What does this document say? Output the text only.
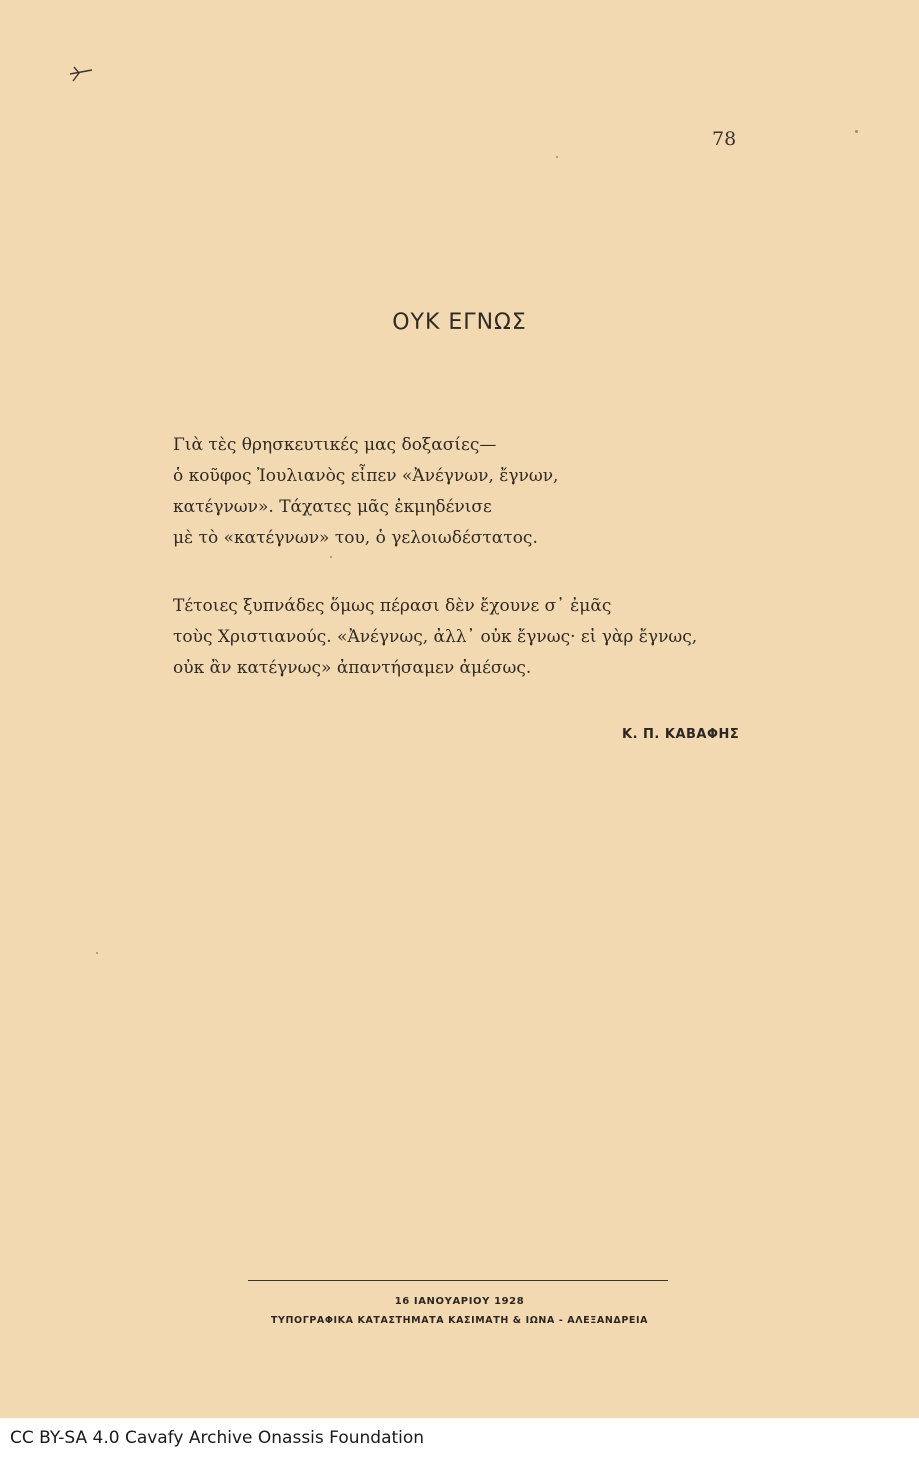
78
ΟΥΚ ΕΓΝΩΣ
Γιὰ τὲς θρησκευτικές μας δοξασίες—
ὁ κοῦφος Ἰουλιανὸς εἶπεν «Ἀνέγνων, ἔγνων,
κατέγνων». Τάχατες μᾶς ἐκμηδένισε
μὲ τὸ «κατέγνων» του, ὁ γελοιωδέστατος.
Τέτοιες ξυπνάδες ὅμως πέρασι δὲν ἔχουνε σ᾽ ἐμᾶς
τοὺς Χριστιανούς. «Ἀνέγνως, ἀλλ᾽ οὐκ ἔγνως· εἰ γὰρ ἔγνως,
οὐκ ἂν κατέγνως» ἀπαντήσαμεν ἀμέσως.
Κ. Π. ΚΑΒΑΦΗΣ
16 ΙΑΝΟΥΑΡΙΟΥ 1928
ΤΥΠΟΓΡΑΦΙΚΑ ΚΑΤΑΣΤΗΜΑΤΑ ΚΑΣΙΜΑΤΗ & ΙΩΝΑ - ΑΛΕΞΑΝΔΡΕΙΑ
CC BY-SA 4.0 Cavafy Archive Onassis Foundation
